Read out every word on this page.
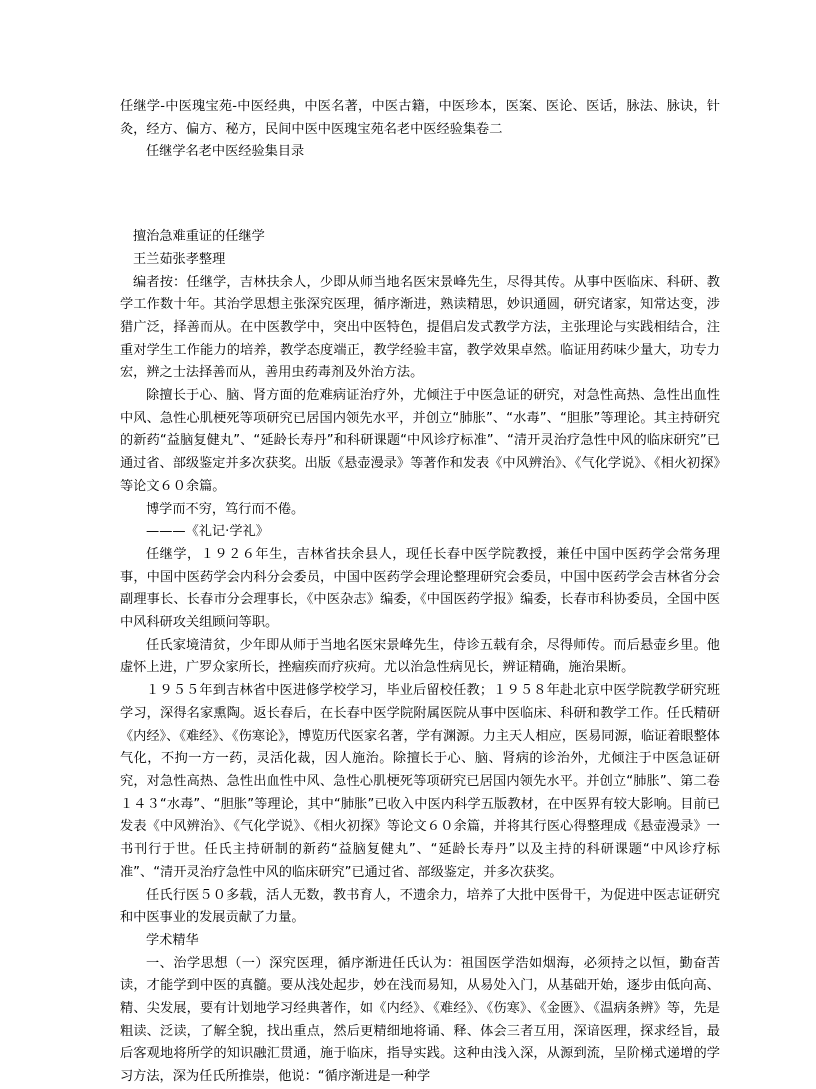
任继学-中医瑰宝苑-中医经典，中医名著，中医古籍，中医珍本，医案、医论、医话，脉法、脉诀，针灸，经方、偏方、秘方，民间中医中医瑰宝苑名老中医经验集卷二

任继学名老中医经验集目录

擅治急难重证的任继学

王兰茹张孝整理

编者按：任继学，吉林扶余人，少即从师当地名医宋景峰先生，尽得其传。从事中医临床、科研、教学工作数十年。其治学思想主张深究医理，循序渐进，熟读精思，妙识通圆，研究诸家，知常达变，涉猎广泛，择善而从。在中医教学中，突出中医特色，提倡启发式教学方法，主张理论与实践相结合，注重对学生工作能力的培养，教学态度端正，教学经验丰富，教学效果卓然。临证用药味少量大，功专力宏，辨之士法择善而从，善用虫药毒剂及外治方法。

除擅长于心、脑、肾方面的危难病证治疗外，尤倾注于中医急证的研究，对急性高热、急性出血性中风、急性心肌梗死等项研究已居国内领先水平，并创立“肺胀”、“水毒”、“胆胀”等理论。其主持研究的新药“益脑复健丸”、“延龄长寿丹”和科研课题“中风诊疗标准”、“清开灵治疗急性中风的临床研究”已通过省、部级鉴定并多次获奖。出版《悬壶漫录》等著作和发表《中风辨治》、《气化学说》、《相火初探》等论文６０余篇。

博学而不穷，笃行而不倦。

———《礼记·学礼》

任继学，１９２６年生，吉林省扶余县人，现任长春中医学院教授，兼任中国中医药学会常务理事，中国中医药学会内科分会委员，中国中医药学会理论整理研究会委员，中国中医药学会吉林省分会副理事长、长春市分会理事长，《中医杂志》编委，《中国医药学报》编委，长春市科协委员，全国中医中风科研攻关组顾问等职。

任氏家境清贫，少年即从师于当地名医宋景峰先生，侍诊五载有余，尽得师传。而后悬壶乡里。他虚怀上进，广罗众家所长，挫痼疾而疗疢疴。尤以治急性病见长，辨证精确，施治果断。

１９５５年到吉林省中医进修学校学习，毕业后留校任教；１９５８年赴北京中医学院教学研究班学习，深得名家熏陶。返长春后，在长春中医学院附属医院从事中医临床、科研和教学工作。任氏精研《内经》、《难经》、《伤寒论》，博览历代医家名著，学有渊源。力主天人相应，医易同源，临证着眼整体气化，不拘一方一药，灵活化裁，因人施治。除擅长于心、脑、肾病的诊治外，尤倾注于中医急证研究，对急性高热、急性出血性中风、急性心肌梗死等项研究已居国内领先水平。并创立“肺胀”、第二卷１４３“水毒”、“胆胀”等理论，其中“肺胀”已收入中医内科学五版教材，在中医界有较大影响。目前已发表《中风辨治》、《气化学说》、《相火初探》等论文６０余篇，并将其行医心得整理成《悬壶漫录》一书刊行于世。任氏主持研制的新药“益脑复健丸”、“延龄长寿丹”以及主持的科研课题“中风诊疗标准”、“清开灵治疗急性中风的临床研究”已通过省、部级鉴定，并多次获奖。

任氏行医５０多载，活人无数，教书育人，不遗余力，培养了大批中医骨干，为促进中医志证研究和中医事业的发展贡献了力量。

学术精华

一、治学思想（一）深究医理，循序渐进任氏认为：祖国医学浩如烟海，必须持之以恒，勤奋苦读，才能学到中医的真髓。要从浅处起步，妙在浅而易知，从易处入门，从基础开始，逐步由低向高、精、尖发展，要有计划地学习经典著作，如《内经》、《难经》、《伤寒》、《金匮》、《温病条辨》等，先是粗读、泛读，了解全貌，找出重点，然后更精细地将诵、释、体会三者互用，深谙医理，探求经旨，最后客观地将所学的知识融汇贯通，施于临床，指导实践。这种由浅入深，从源到流，呈阶梯式递增的学习方法，深为任氏所推崇，他说：“循序渐进是一种学
